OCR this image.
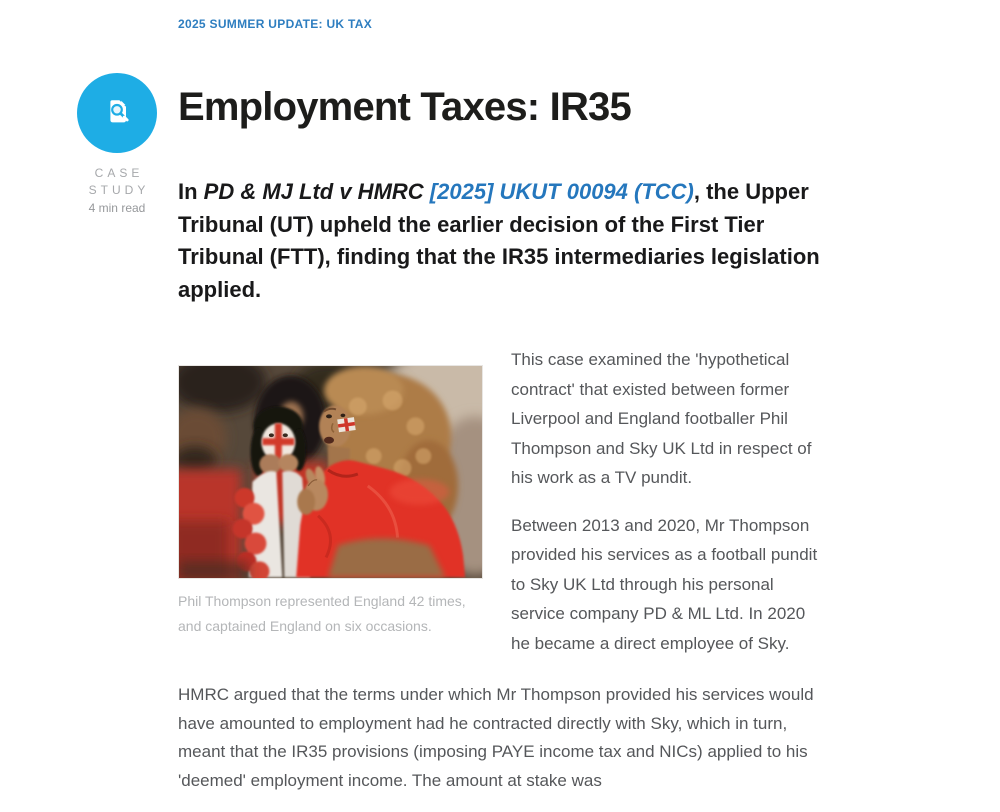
2025 SUMMER UPDATE: UK TAX
CASE
STUDY
4 min read
Employment Taxes: IR35

In PD & MJ Ltd v HMRC [2025] UKUT 00094 (TCC), the Upper Tribunal (UT) upheld the earlier decision of the First Tier Tribunal (FTT), finding that the IR35 intermediaries legislation applied.

Phil Thompson represented England 42 times, and captained England on six occasions.

This case examined the 'hypothetical contract' that existed between former Liverpool and England footballer Phil Thompson and Sky UK Ltd in respect of his work as a TV pundit.

Between 2013 and 2020, Mr Thompson provided his services as a football pundit to Sky UK Ltd through his personal service company PD & ML Ltd. In 2020 he became a direct employee of Sky.

HMRC argued that the terms under which Mr Thompson provided his services would have amounted to employment had he contracted directly with Sky, which in turn, meant that the IR35 provisions (imposing PAYE income tax and NICs) applied to his 'deemed' employment income. The amount at stake was
